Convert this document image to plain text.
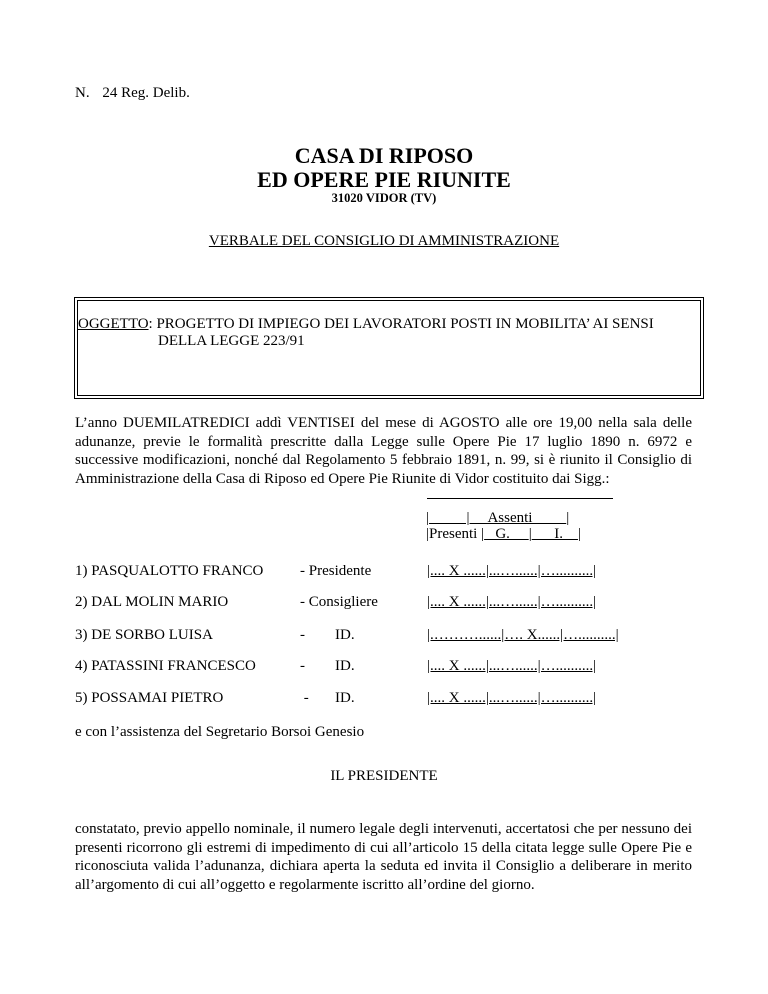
N. 24 Reg. Delib.
CASA DI RIPOSO
ED OPERE PIE RIUNITE
31020 VIDOR (TV)
VERBALE DEL CONSIGLIO DI AMMINISTRAZIONE
OGGETTO: PROGETTO DI IMPIEGO DEI LAVORATORI POSTI IN MOBILITA’ AI SENSI
DELLA LEGGE 223/91
L’anno DUEMILATREDICI addì VENTISEI del mese di AGOSTO alle ore 19,00 nella sala delle adunanze, previe le formalità prescritte dalla Legge sulle Opere Pie 17 luglio 1890 n. 6972 e successive modificazioni, nonché dal Regolamento 5 febbraio 1891, n. 99, si è riunito il Consiglio di Amministrazione della Casa di Riposo ed Opere Pie Riunite di Vidor costituito dai Sigg.:
|          |     Assenti         |
|Presenti |   G.     |      I.    |
1) PASQUALOTTO FRANCO - Presidente	|.... X ......|...…......|…..........|
2) DAL MOLIN MARIO	- Consigliere	|.... X ......|...…......|…..........|
3) DE SORBO LUISA	-        ID.	|.………......|…. X......|…..........|
4) PATASSINI FRANCESCO	-        ID.	|.... X ......|...…......|…..........|
5) POSSAMAI PIETRO	-       ID.	|.... X ......|...…......|…..........|
e con l’assistenza del Segretario Borsoi Genesio
IL PRESIDENTE
constatato, previo appello nominale, il numero legale degli intervenuti, accertatosi che per nessuno dei presenti ricorrono gli estremi di impedimento di cui all’articolo 15 della citata legge sulle Opere Pie e riconosciuta valida l’adunanza, dichiara aperta la seduta ed invita il Consiglio a deliberare in merito all’argomento di cui all’oggetto e regolarmente iscritto all’ordine del giorno.
